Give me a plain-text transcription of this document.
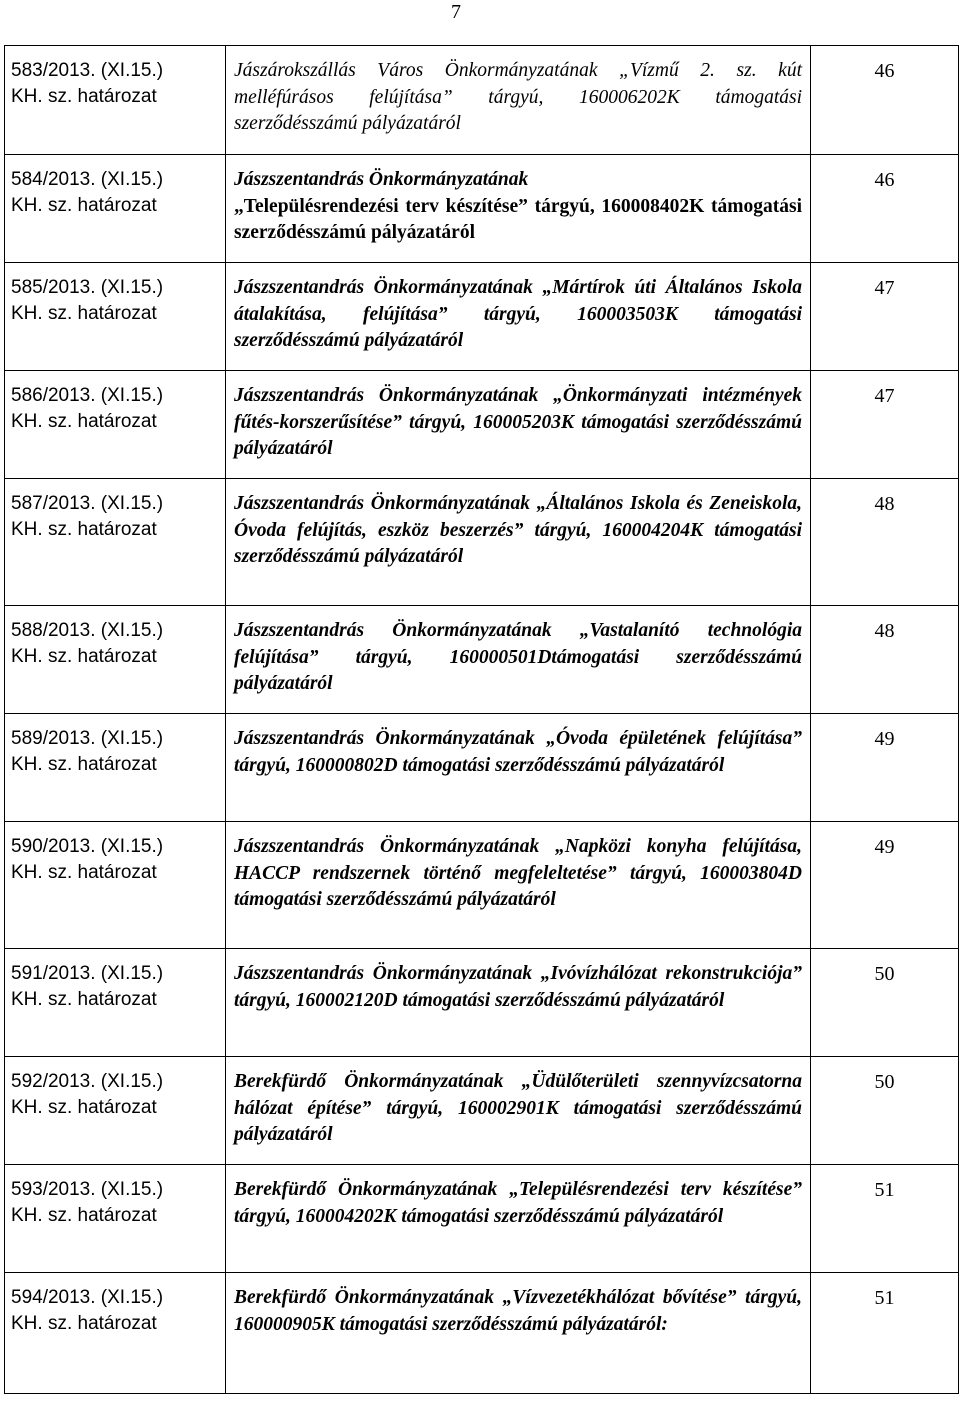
7
583/2013. (XI.15.)
KH. sz. határozat	Jászárokszállás Város Önkormányzatának „Vízmű 2. sz. kút melléfúrásos felújítása” tárgyú, 160006202K támogatási szerződésszámú pályázatáról	46

584/2013. (XI.15.)
KH. sz. határozat	Jászszentandrás Önkormányzatának
„Településrendezési terv készítése” tárgyú, 160008402K támogatási szerződésszámú pályázatáról	46

585/2013. (XI.15.)
KH. sz. határozat	Jászszentandrás Önkormányzatának „Mártírok úti Általános Iskola átalakítása, felújítása” tárgyú, 160003503K támogatási szerződésszámú pályázatáról	47

586/2013. (XI.15.)
KH. sz. határozat	Jászszentandrás Önkormányzatának „Önkormányzati intézmények fűtés-korszerűsítése” tárgyú, 160005203K támogatási szerződésszámú pályázatáról	47

587/2013. (XI.15.)
KH. sz. határozat	Jászszentandrás Önkormányzatának „Általános Iskola és Zeneiskola, Óvoda felújítás, eszköz beszerzés” tárgyú, 160004204K támogatási szerződésszámú pályázatáról	48

588/2013. (XI.15.)
KH. sz. határozat	Jászszentandrás Önkormányzatának „Vastalanító technológia felújítása” tárgyú, 160000501Dtámogatási szerződésszámú pályázatáról	48

589/2013. (XI.15.)
KH. sz. határozat	Jászszentandrás Önkormányzatának „Óvoda épületének felújítása” tárgyú, 160000802D támogatási szerződésszámú pályázatáról	49

590/2013. (XI.15.)
KH. sz. határozat	Jászszentandrás Önkormányzatának „Napközi konyha felújítása, HACCP rendszernek történő megfeleltetése” tárgyú, 160003804D támogatási szerződésszámú pályázatáról	49

591/2013. (XI.15.)
KH. sz. határozat	Jászszentandrás Önkormányzatának „Ivóvízhálózat rekonstrukciója” tárgyú, 160002120D támogatási szerződésszámú pályázatáról	50

592/2013. (XI.15.)
KH. sz. határozat	Berekfürdő Önkormányzatának „Üdülőterületi szennyvízcsatorna hálózat építése” tárgyú, 160002901K támogatási szerződésszámú pályázatáról	50

593/2013. (XI.15.)
KH. sz. határozat	Berekfürdő Önkormányzatának „Településrendezési terv készítése” tárgyú, 160004202K támogatási szerződésszámú pályázatáról	51

594/2013. (XI.15.)
KH. sz. határozat	Berekfürdő Önkormányzatának „Vízvezetékhálózat bővítése” tárgyú, 160000905K támogatási szerződésszámú pályázatáról:	51
